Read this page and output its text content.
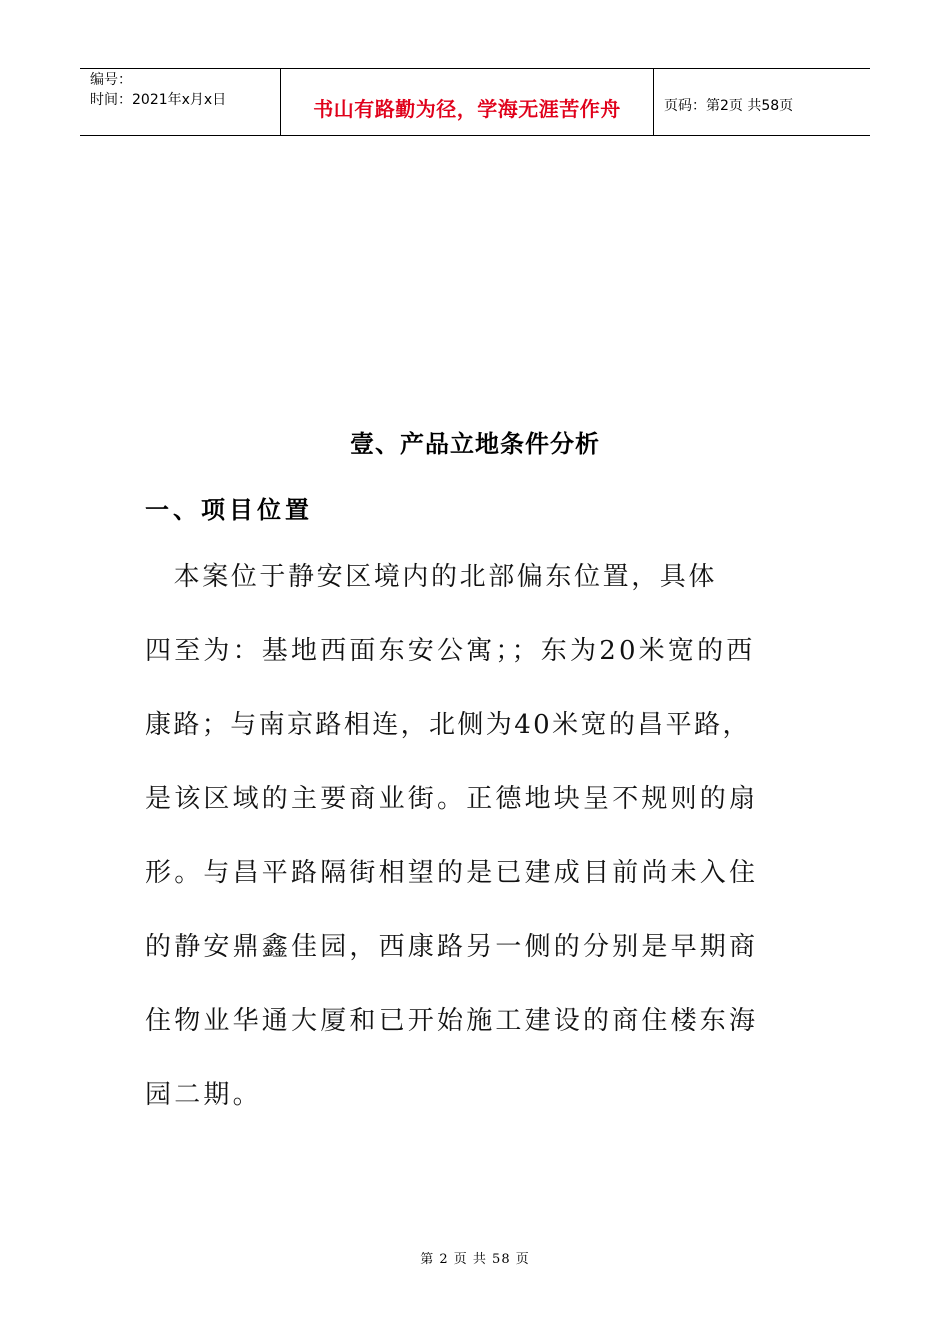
编号：
时间：2021年x月x日	书山有路勤为径，学海无涯苦作舟	页码：第2页 共58页
壹、产品立地条件分析
一、项目位置
　本案位于静安区境内的北部偏东位置，具体
四至为：基地西面东安公寓；；东为20米宽的西
康路；与南京路相连，北侧为40米宽的昌平路，
是该区域的主要商业街。正德地块呈不规则的扇
形。与昌平路隔街相望的是已建成目前尚未入住
的静安鼎鑫佳园，西康路另一侧的分别是早期商
住物业华通大厦和已开始施工建设的商住楼东海
园二期。
第 2 页 共 58 页
